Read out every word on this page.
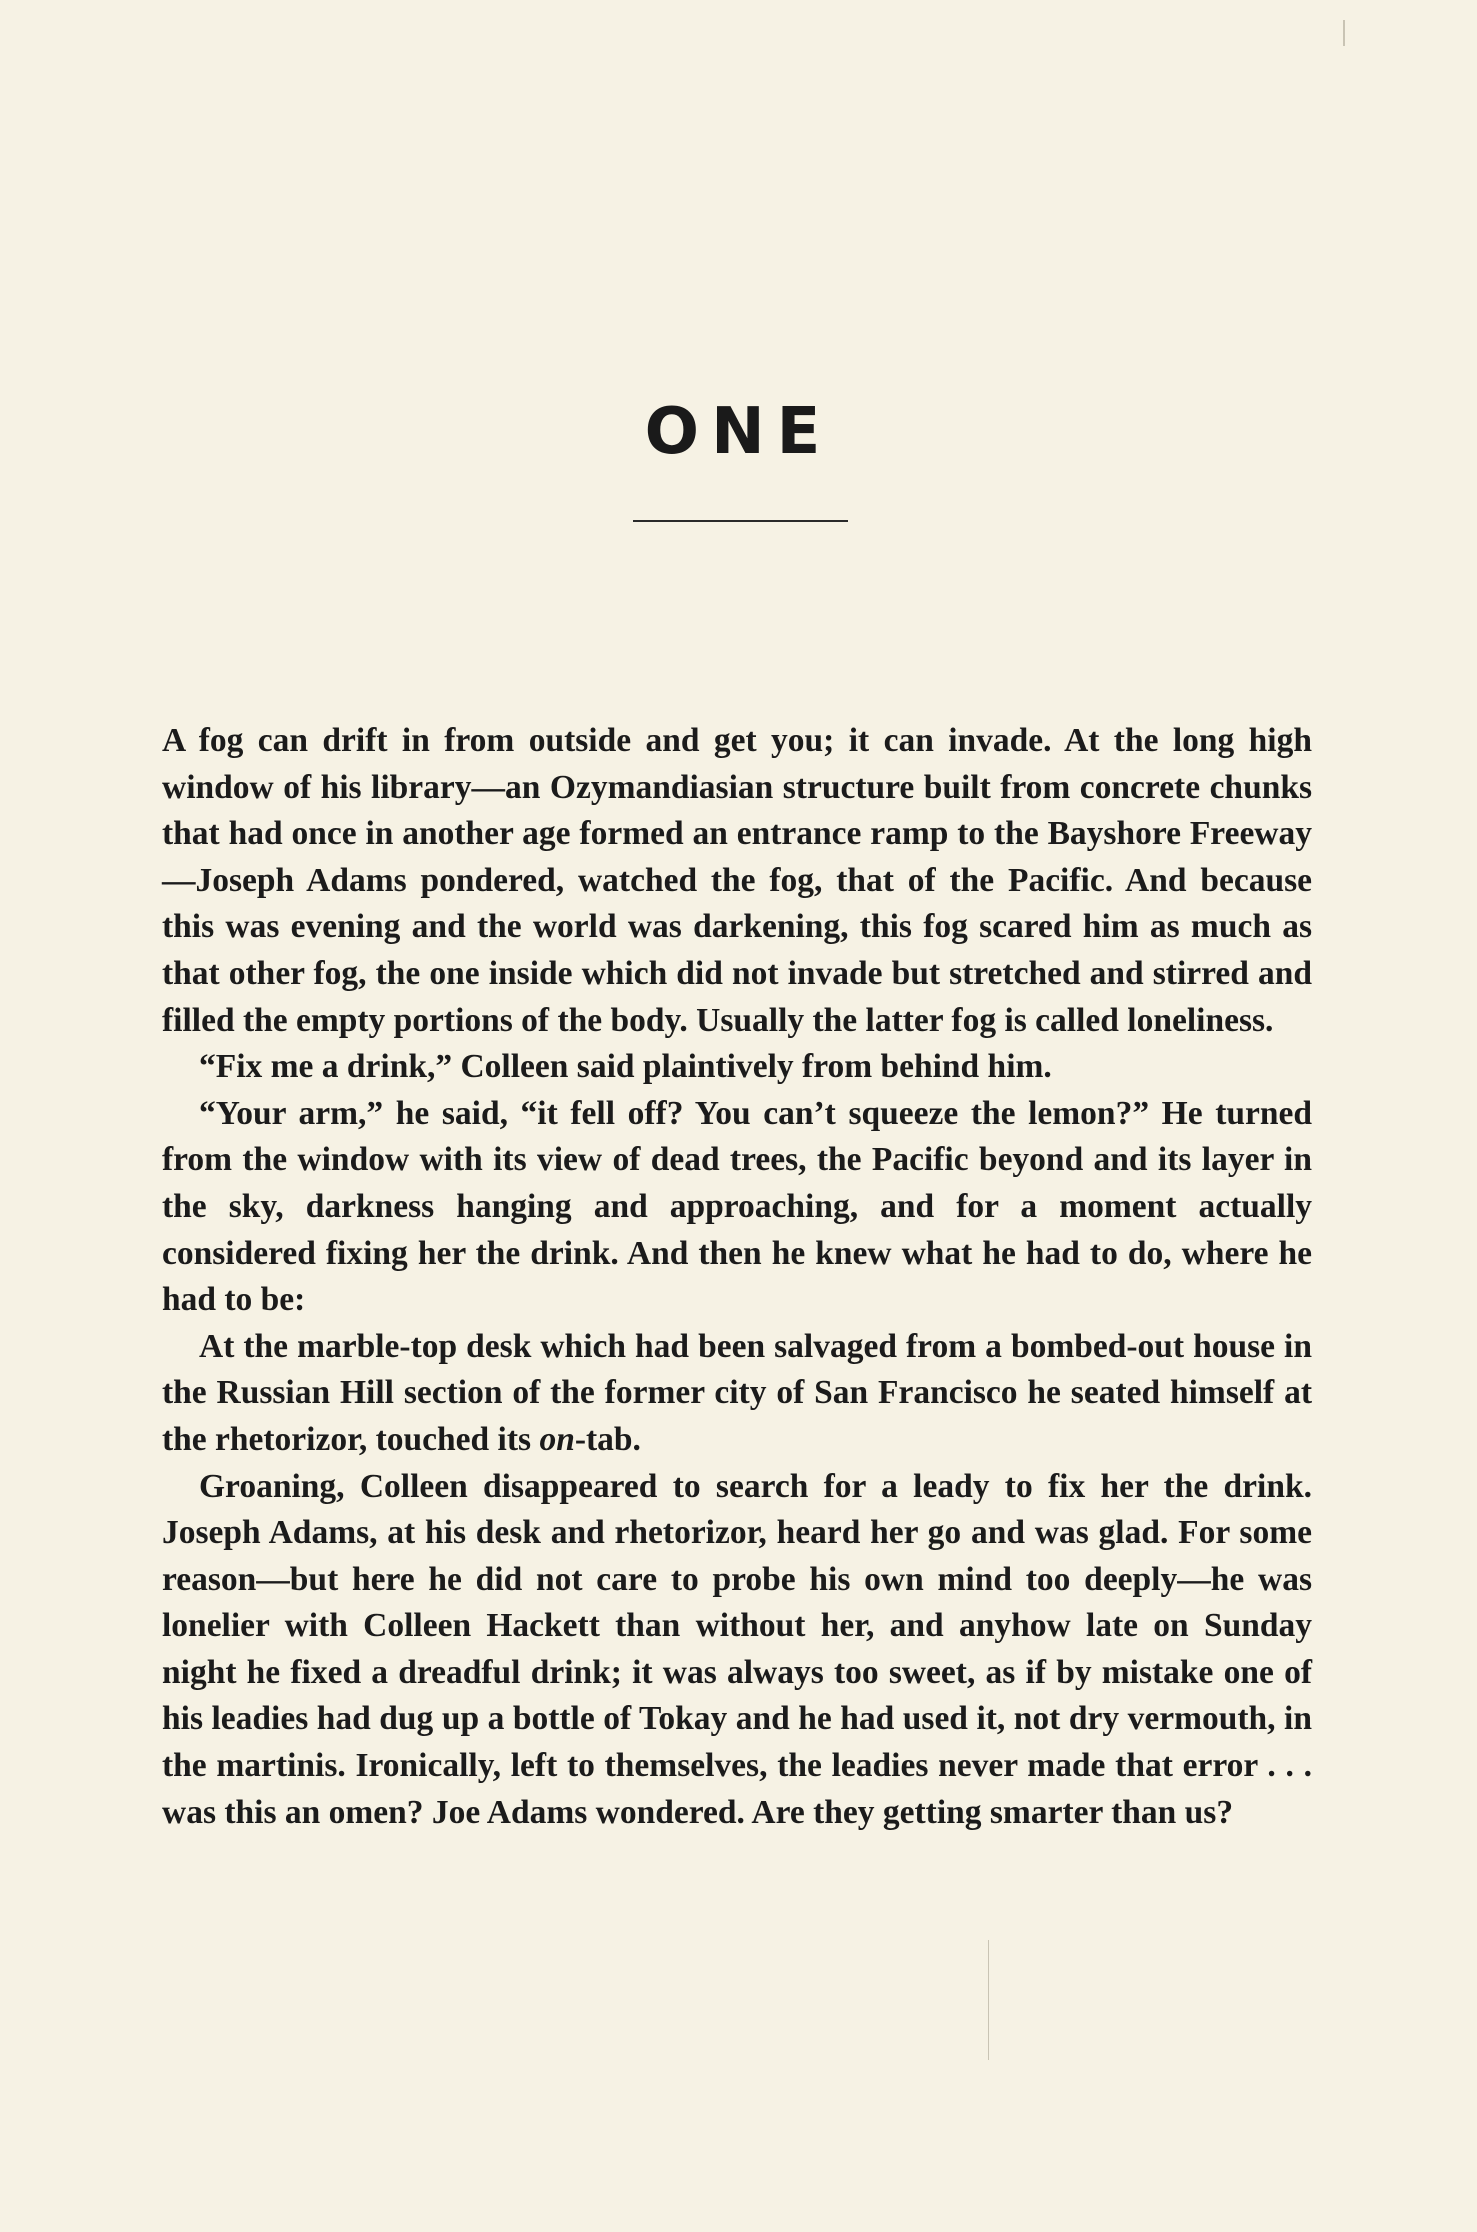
ONE

A fog can drift in from outside and get you; it can invade. At the long high window of his library—an Ozymandiasian structure built from concrete chunks that had once in another age formed an entrance ramp to the Bayshore Freeway—Joseph Adams pondered, watched the fog, that of the Pacific. And because this was evening and the world was darkening, this fog scared him as much as that other fog, the one inside which did not invade but stretched and stirred and filled the empty portions of the body. Usually the latter fog is called loneliness.

“Fix me a drink,” Colleen said plaintively from behind him.

“Your arm,” he said, “it fell off? You can’t squeeze the lemon?” He turned from the window with its view of dead trees, the Pacific beyond and its layer in the sky, darkness hanging and approaching, and for a moment actually considered fixing her the drink. And then he knew what he had to do, where he had to be:

At the marble-top desk which had been salvaged from a bombed-out house in the Russian Hill section of the former city of San Francisco he seated himself at the rhetorizor, touched its on-tab.

Groaning, Colleen disappeared to search for a leady to fix her the drink. Joseph Adams, at his desk and rhetorizor, heard her go and was glad. For some reason—but here he did not care to probe his own mind too deeply—he was lonelier with Colleen Hackett than without her, and anyhow late on Sunday night he fixed a dreadful drink; it was always too sweet, as if by mistake one of his leadies had dug up a bottle of Tokay and he had used it, not dry vermouth, in the martinis. Ironically, left to themselves, the leadies never made that error . . . was this an omen? Joe Adams wondered. Are they getting smarter than us?
